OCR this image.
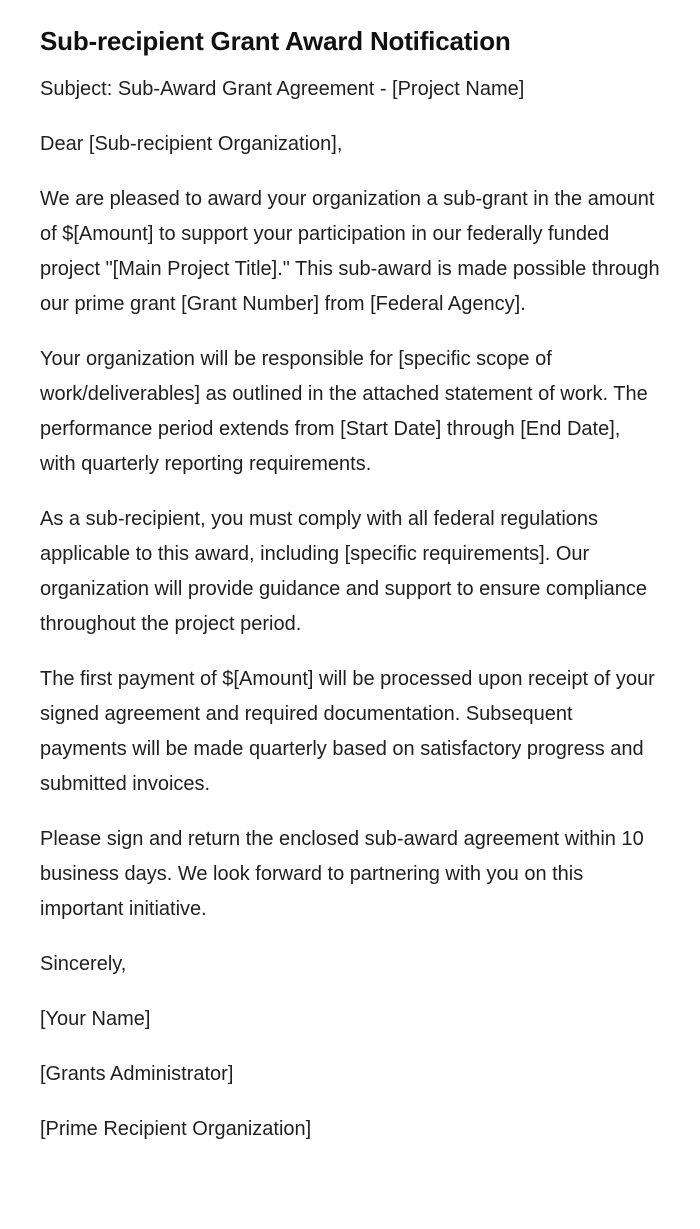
Sub-recipient Grant Award Notification

Subject: Sub-Award Grant Agreement - [Project Name]

Dear [Sub-recipient Organization],

We are pleased to award your organization a sub-grant in the amount of $[Amount] to support your participation in our federally funded project "[Main Project Title]." This sub-award is made possible through our prime grant [Grant Number] from [Federal Agency].

Your organization will be responsible for [specific scope of work/deliverables] as outlined in the attached statement of work. The performance period extends from [Start Date] through [End Date], with quarterly reporting requirements.

As a sub-recipient, you must comply with all federal regulations applicable to this award, including [specific requirements]. Our organization will provide guidance and support to ensure compliance throughout the project period.

The first payment of $[Amount] will be processed upon receipt of your signed agreement and required documentation. Subsequent payments will be made quarterly based on satisfactory progress and submitted invoices.

Please sign and return the enclosed sub-award agreement within 10 business days. We look forward to partnering with you on this important initiative.

Sincerely,

[Your Name]

[Grants Administrator]

[Prime Recipient Organization]
